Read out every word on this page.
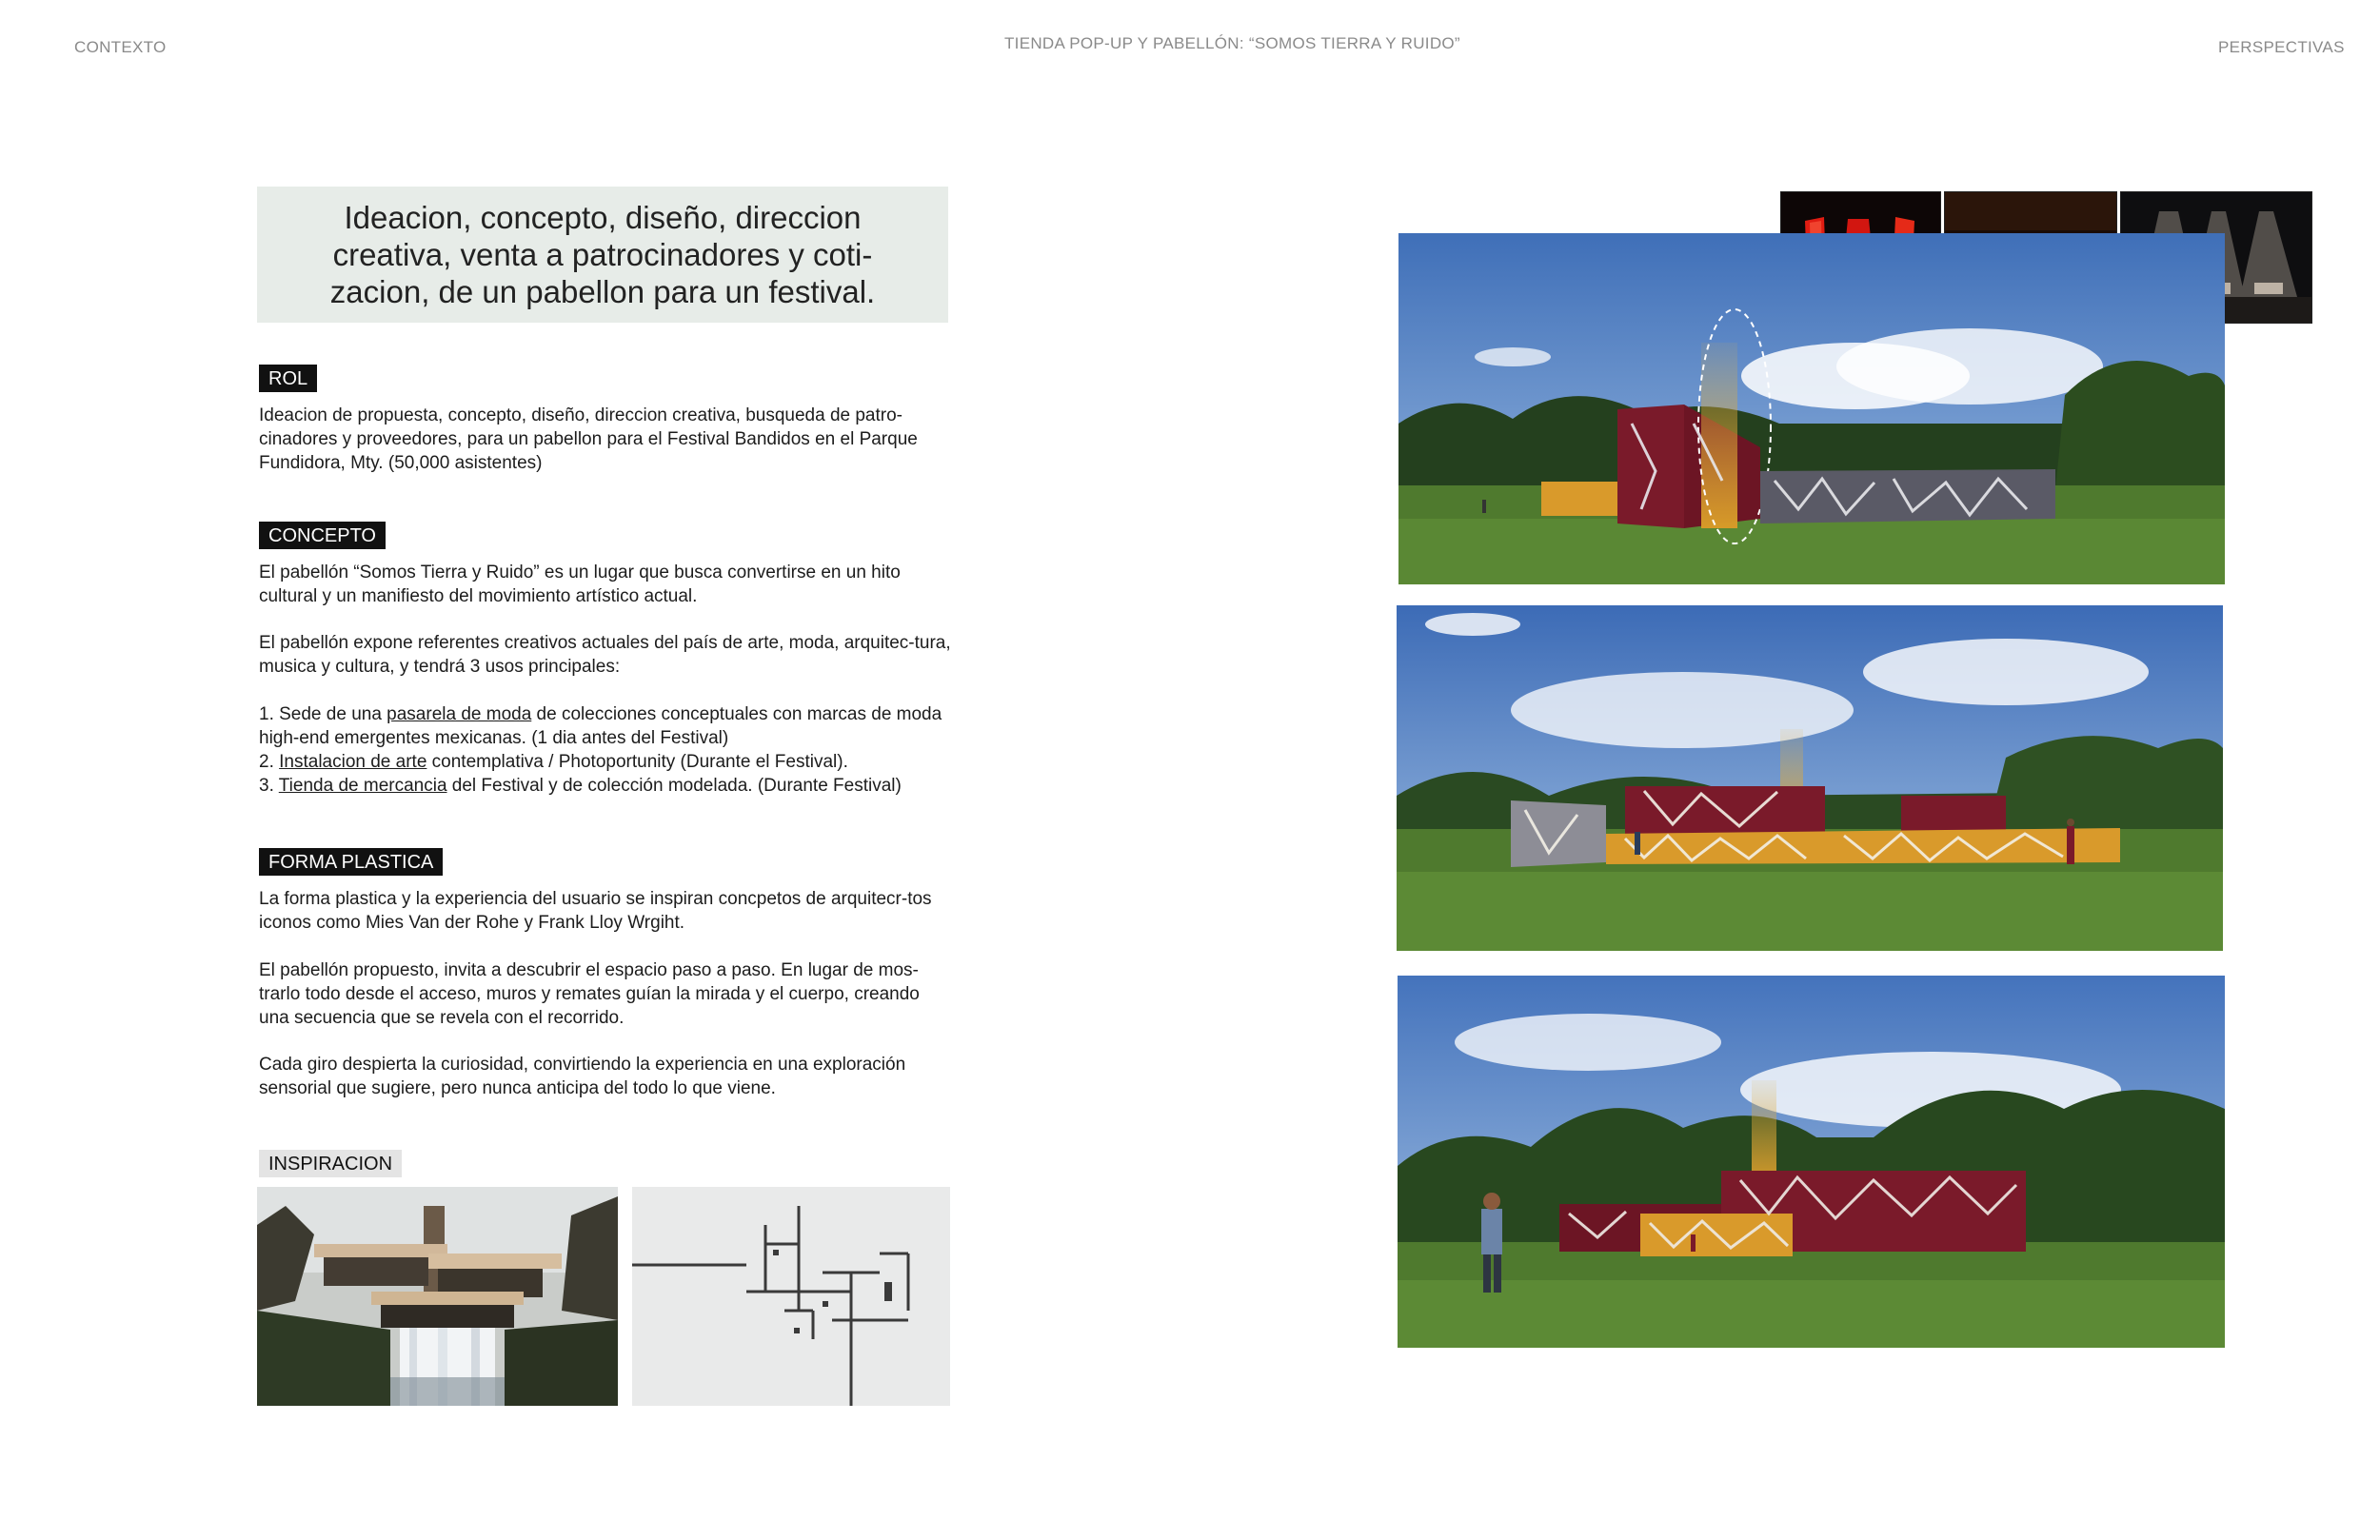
CONTEXTO	TIENDA POP-UP Y PABELLÓN: “SOMOS TIERRA Y RUIDO”	PERSPECTIVAS

Ideacion, concepto, diseño, direccion creativa, venta a patrocinadores y coti-zacion, de un pabellon para un festival.

ROL

Ideacion de propuesta, concepto, diseño, direccion creativa, busqueda de patro-cinadores y proveedores, para un pabellon para el Festival Bandidos en el Parque Fundidora, Mty. (50,000 asistentes)

CONCEPTO

El pabellón “Somos Tierra y Ruido” es un lugar que busca convertirse en un hito cultural y un manifiesto del movimiento artístico actual.

El pabellón expone referentes creativos actuales del país de arte, moda, arquitec-tura, musica y cultura, y tendrá 3 usos principales:

1. Sede de una pasarela de moda de colecciones conceptuales con marcas de moda high-end emergentes mexicanas. (1 dia antes del Festival)
2. Instalacion de arte contemplativa / Photoportunity (Durante el Festival).
3. Tienda de mercancia del Festival y de colección modelada. (Durante Festival)
FORMA PLASTICA

La forma plastica y la experiencia del usuario se inspiran concpetos de arquitecr-tos iconos como Mies Van der Rohe y Frank Lloy Wrgiht.

El pabellón propuesto, invita a descubrir el espacio paso a paso. En lugar de mos-trarlo todo desde el acceso, muros y remates guían la mirada y el cuerpo, creando una secuencia que se revela con el recorrido.

Cada giro despierta la curiosidad, convirtiendo la experiencia en una exploración sensorial que sugiere, pero nunca anticipa del todo lo que viene.

INSPIRACION
